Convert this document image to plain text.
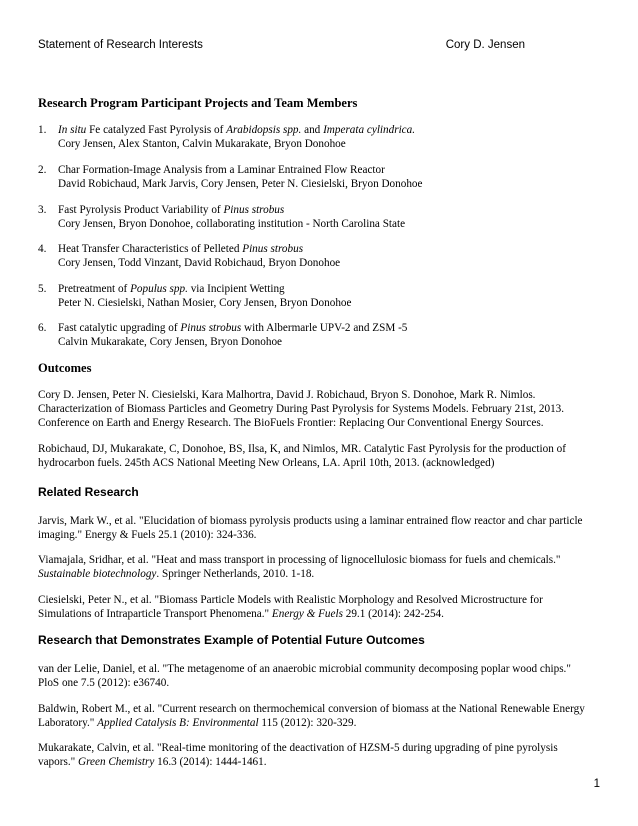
Statement of Research Interests	Cory D. Jensen
Research Program Participant Projects and Team Members
1.	In situ Fe catalyzed Fast Pyrolysis of Arabidopsis spp. and Imperata cylindrica.
Cory Jensen, Alex Stanton, Calvin Mukarakate, Bryon Donohoe
2.	Char Formation-Image Analysis from a Laminar Entrained Flow Reactor
David Robichaud, Mark Jarvis, Cory Jensen, Peter N. Ciesielski, Bryon Donohoe
3.	Fast Pyrolysis Product Variability of Pinus strobus
Cory Jensen, Bryon Donohoe, collaborating institution - North Carolina State
4.	Heat Transfer Characteristics of Pelleted Pinus strobus
Cory Jensen, Todd Vinzant, David Robichaud, Bryon Donohoe
5.	Pretreatment of Populus spp. via Incipient Wetting
Peter N. Ciesielski, Nathan Mosier, Cory Jensen, Bryon Donohoe
6.	Fast catalytic upgrading of Pinus strobus with Albermarle UPV-2 and ZSM -5
Calvin Mukarakate, Cory Jensen, Bryon Donohoe
Outcomes
Cory D. Jensen, Peter N. Ciesielski, Kara Malhortra, David J. Robichaud, Bryon S. Donohoe, Mark R. Nimlos.
Characterization of Biomass Particles and Geometry During Past Pyrolysis for Systems Models. February 21st, 2013.
Conference on Earth and Energy Research. The BioFuels Frontier: Replacing Our Conventional Energy Sources.
Robichaud, DJ, Mukarakate, C, Donohoe, BS, Ilsa, K, and Nimlos, MR. Catalytic Fast Pyrolysis for the production of
hydrocarbon fuels. 245th ACS National Meeting New Orleans, LA. April 10th, 2013. (acknowledged)
Related Research
Jarvis, Mark W., et al. "Elucidation of biomass pyrolysis products using a laminar entrained flow reactor and char particle
imaging." Energy & Fuels 25.1 (2010): 324-336.
Viamajala, Sridhar, et al. "Heat and mass transport in processing of lignocellulosic biomass for fuels and chemicals."
Sustainable biotechnology. Springer Netherlands, 2010. 1-18.
Ciesielski, Peter N., et al. "Biomass Particle Models with Realistic Morphology and Resolved Microstructure for
Simulations of Intraparticle Transport Phenomena." Energy & Fuels 29.1 (2014): 242-254.
Research that Demonstrates Example of Potential Future Outcomes
van der Lelie, Daniel, et al. "The metagenome of an anaerobic microbial community decomposing poplar wood chips."
PloS one 7.5 (2012): e36740.
Baldwin, Robert M., et al. "Current research on thermochemical conversion of biomass at the National Renewable Energy
Laboratory." Applied Catalysis B: Environmental 115 (2012): 320-329.
Mukarakate, Calvin, et al. "Real-time monitoring of the deactivation of HZSM-5 during upgrading of pine pyrolysis
vapors." Green Chemistry 16.3 (2014): 1444-1461.
1
